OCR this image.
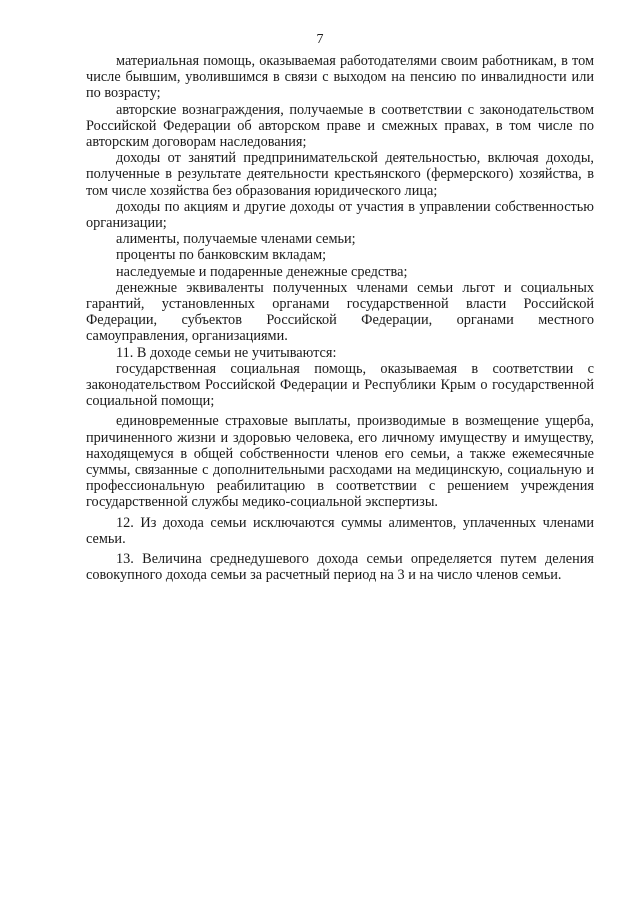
7

материальная помощь, оказываемая работодателями своим работникам, в том числе бывшим, уволившимся в связи с выходом на пенсию по инвалидности или по возрасту;

авторские вознаграждения, получаемые в соответствии с законодательством Российской Федерации об авторском праве и смежных правах, в том числе по авторским договорам наследования;

доходы от занятий предпринимательской деятельностью, включая доходы, полученные в результате деятельности крестьянского (фермерского) хозяйства, в том числе хозяйства без образования юридического лица;

доходы по акциям и другие доходы от участия в управлении собственностью организации;

алименты, получаемые членами семьи;

проценты по банковским вкладам;

наследуемые и подаренные денежные средства;

денежные эквиваленты полученных членами семьи льгот и социальных гарантий, установленных органами государственной власти Российской Федерации, субъектов Российской Федерации, органами местного самоуправления, организациями.

11. В доходе семьи не учитываются:

государственная социальная помощь, оказываемая в соответствии с законодательством Российской Федерации и Республики Крым о государственной социальной помощи;

единовременные страховые выплаты, производимые в возмещение ущерба, причиненного жизни и здоровью человека, его личному имуществу и имуществу, находящемуся в общей собственности членов его семьи, а также ежемесячные суммы, связанные с дополнительными расходами на медицинскую, социальную и профессиональную реабилитацию в соответствии с решением учреждения государственной службы медико-социальной экспертизы.

12. Из дохода семьи исключаются суммы алиментов, уплаченных членами семьи.

13. Величина среднедушевого дохода семьи определяется путем деления совокупного дохода семьи за расчетный период на 3 и на число членов семьи.
